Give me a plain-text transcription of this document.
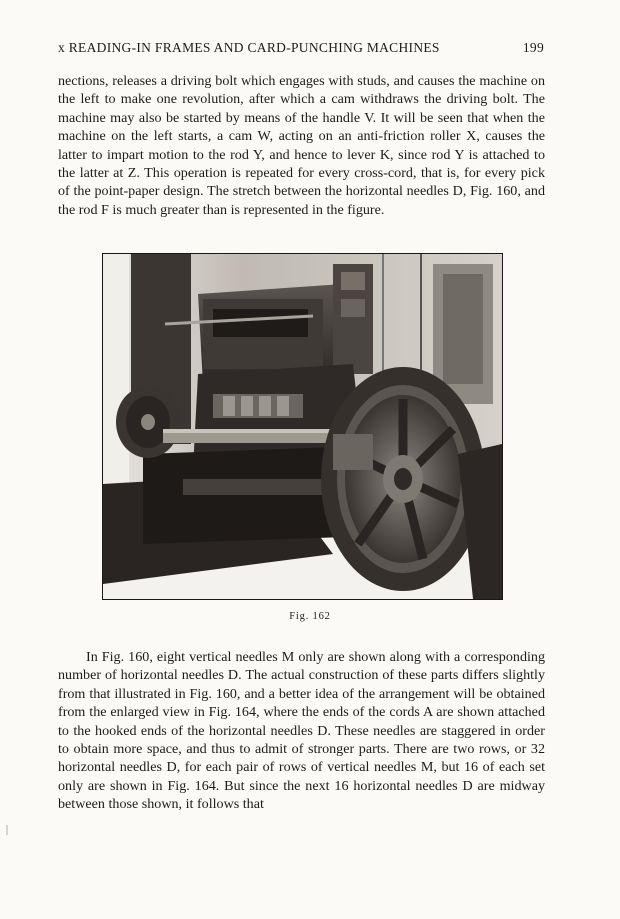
x READING-IN FRAMES AND CARD-PUNCHING MACHINES	199

nections, releases a driving bolt which engages with studs, and causes the machine on the left to make one revolution, after which a cam withdraws the driving bolt. The machine may also be started by means of the handle V. It will be seen that when the machine on the left starts, a cam W, acting on an anti-friction roller X, causes the latter to impart motion to the rod Y, and hence to lever K, since rod Y is attached to the latter at Z. This operation is repeated for every cross-cord, that is, for every pick of the point-paper design. The stretch between the horizontal needles D, Fig. 160, and the rod F is much greater than is represented in the figure.

Fig. 162

In Fig. 160, eight vertical needles M only are shown along with a corresponding number of horizontal needles D. The actual construction of these parts differs slightly from that illustrated in Fig. 160, and a better idea of the arrangement will be obtained from the enlarged view in Fig. 164, where the ends of the cords A are shown attached to the hooked ends of the horizontal needles D. These needles are staggered in order to obtain more space, and thus to admit of stronger parts. There are two rows, or 32 horizontal needles D, for each pair of rows of vertical needles M, but 16 of each set only are shown in Fig. 164. But since the next 16 horizontal needles D are midway between those shown, it follows that
